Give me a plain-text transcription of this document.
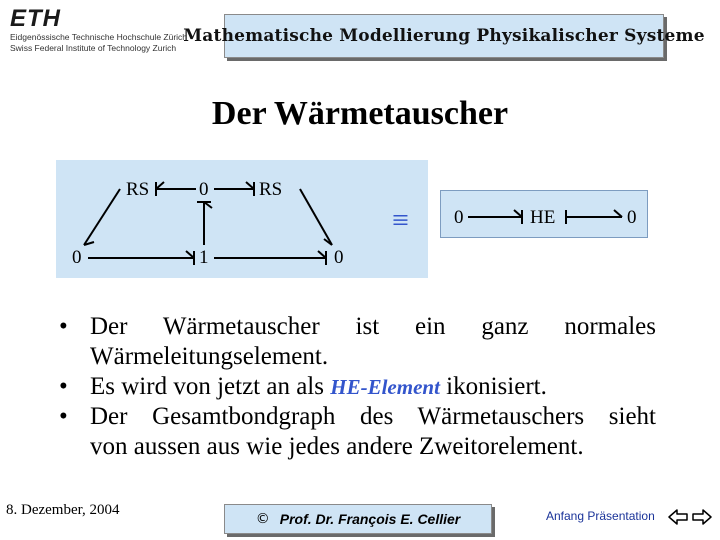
ETH
Eidgenössische Technische Hochschule Zürich
Swiss Federal Institute of Technology Zurich
Mathematische Modellierung Physikalischer Systeme
Der Wärmetauscher
RS	0	RS
0	1	0
≡ 0	HE	0
• Der Wärmetauscher ist ein ganz normales
Wärmeleitungselement.
• Es wird von jetzt an als HE-Element ikonisiert.
• Der Gesamtbondgraph des Wärmetauschers sieht
von aussen aus wie jedes andere Zweitorelement.
8. Dezember, 2004
© Prof. Dr. François E. Cellier	Anfang Präsentation
